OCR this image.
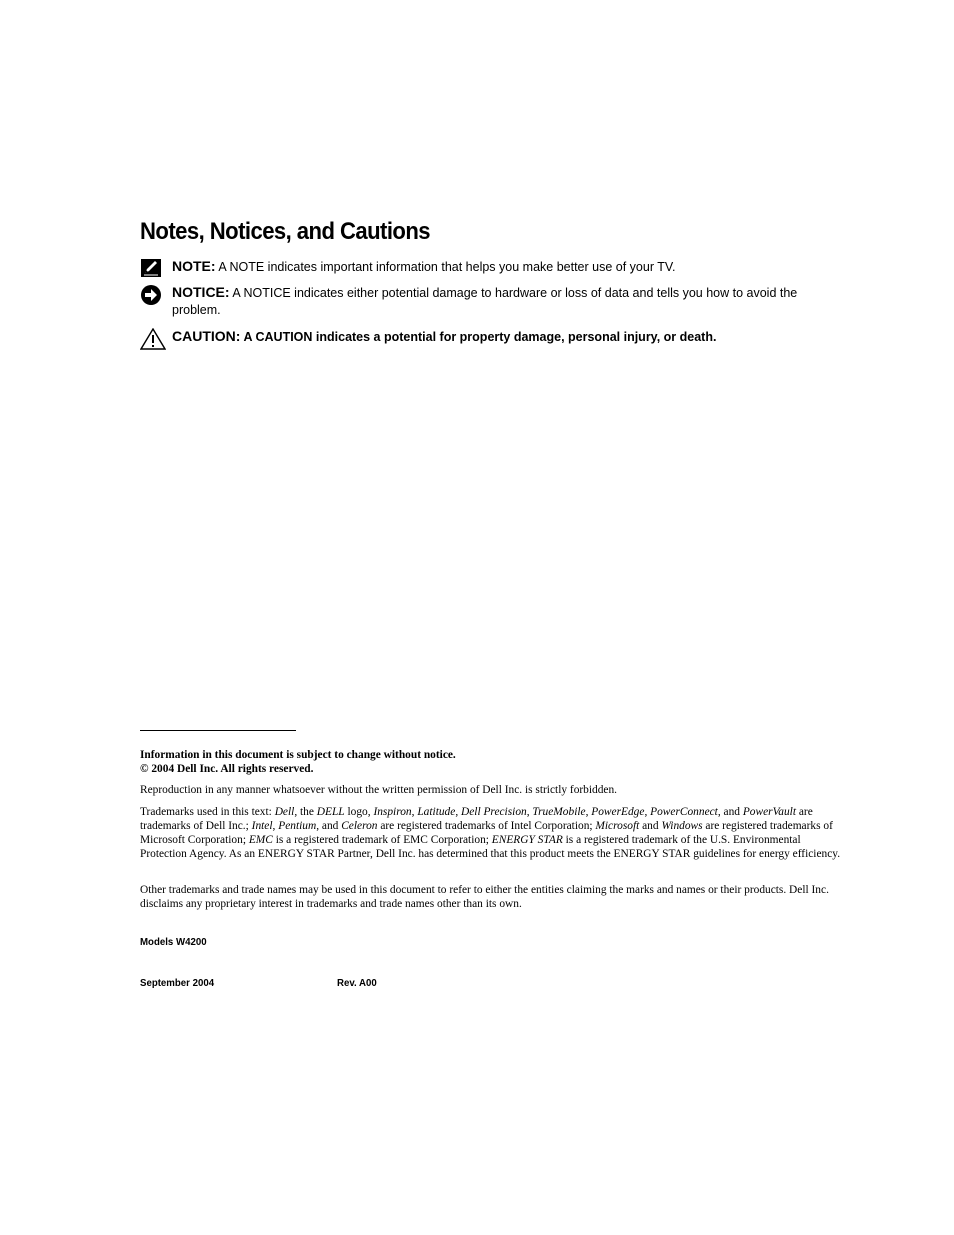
Notes, Notices, and Cautions
NOTE: A NOTE indicates important information that helps you make better use of your TV.
NOTICE: A NOTICE indicates either potential damage to hardware or loss of data and tells you how to avoid the problem.
CAUTION: A CAUTION indicates a potential for property damage, personal injury, or death.
Information in this document is subject to change without notice.
© 2004 Dell Inc. All rights reserved.
Reproduction in any manner whatsoever without the written permission of Dell Inc. is strictly forbidden.
Trademarks used in this text: Dell, the DELL logo, Inspiron, Latitude, Dell Precision, TrueMobile, PowerEdge, PowerConnect, and PowerVault are trademarks of Dell Inc.; Intel, Pentium, and Celeron are registered trademarks of Intel Corporation; Microsoft and Windows are registered trademarks of Microsoft Corporation; EMC is a registered trademark of EMC Corporation; ENERGY STAR is a registered trademark of the U.S. Environmental Protection Agency. As an ENERGY STAR Partner, Dell Inc. has determined that this product meets the ENERGY STAR guidelines for energy efficiency.
Other trademarks and trade names may be used in this document to refer to either the entities claiming the marks and names or their products. Dell Inc. disclaims any proprietary interest in trademarks and trade names other than its own.
Models W4200
September 2004	Rev. A00
